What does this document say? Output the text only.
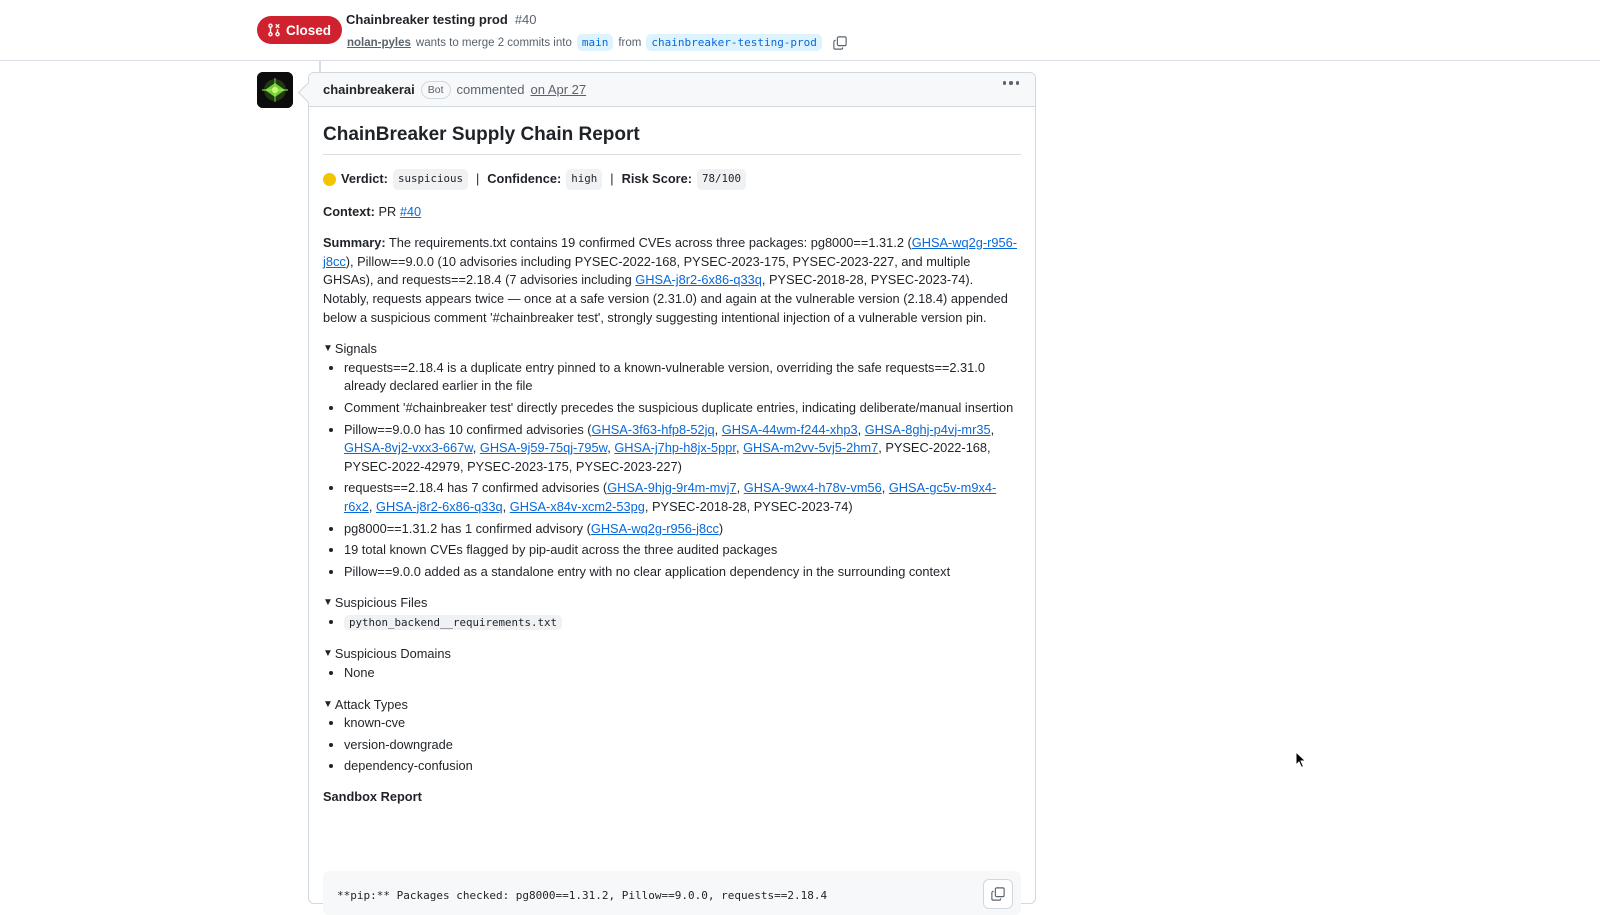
Closed
Chainbreaker testing prod #40
nolan-pyles wants to merge 2 commits into main from chainbreaker-testing-prod
chainbreakerai	Bot	commented on Apr 27
ChainBreaker Supply Chain Report
Verdict: suspicious	| Confidence: high	| Risk Score: 78/100

Context: PR #40

Summary: The requirements.txt contains 19 confirmed CVEs across three packages: pg8000==1.31.2 (GHSA-wq2g-r956-j8cc), Pillow==9.0.0 (10 advisories including PYSEC-2022-168, PYSEC-2023-175, PYSEC-2023-227, and multiple GHSAs), and requests==2.18.4 (7 advisories including GHSA-j8r2-6x86-q33q, PYSEC-2018-28, PYSEC-2023-74). Notably, requests appears twice — once at a safe version (2.31.0) and again at the vulnerable version (2.18.4) appended below a suspicious comment '#chainbreaker test', strongly suggesting intentional injection of a vulnerable version pin.

▼ Signals
• requests==2.18.4 is a duplicate entry pinned to a known-vulnerable version, overriding the safe requests==2.31.0 already declared earlier in the file
• Comment '#chainbreaker test' directly precedes the suspicious duplicate entries, indicating deliberate/manual insertion
• Pillow==9.0.0 has 10 confirmed advisories (GHSA-3f63-hfp8-52jq, GHSA-44wm-f244-xhp3, GHSA-8ghj-p4vj-mr35, GHSA-8vj2-vxx3-667w, GHSA-9j59-75qj-795w, GHSA-j7hp-h8jx-5ppr, GHSA-m2vv-5vj5-2hm7, PYSEC-2022-168, PYSEC-2022-42979, PYSEC-2023-175, PYSEC-2023-227)
• requests==2.18.4 has 7 confirmed advisories (GHSA-9hjg-9r4m-mvj7, GHSA-9wx4-h78v-vm56, GHSA-gc5v-m9x4-r6x2, GHSA-j8r2-6x86-q33q, GHSA-x84v-xcm2-53pg, PYSEC-2018-28, PYSEC-2023-74)
• pg8000==1.31.2 has 1 confirmed advisory (GHSA-wq2g-r956-j8cc)
• 19 total known CVEs flagged by pip-audit across the three audited packages
• Pillow==9.0.0 added as a standalone entry with no clear application dependency in the surrounding context
▼ Suspicious Files
• python_backend__requirements.txt
▼ Suspicious Domains
• None
▼ Attack Types
• known-cve
• version-downgrade
• dependency-confusion
Sandbox Report
**pip:** Packages checked: pg8000==1.31.2, Pillow==9.0.0, requests==2.18.4
